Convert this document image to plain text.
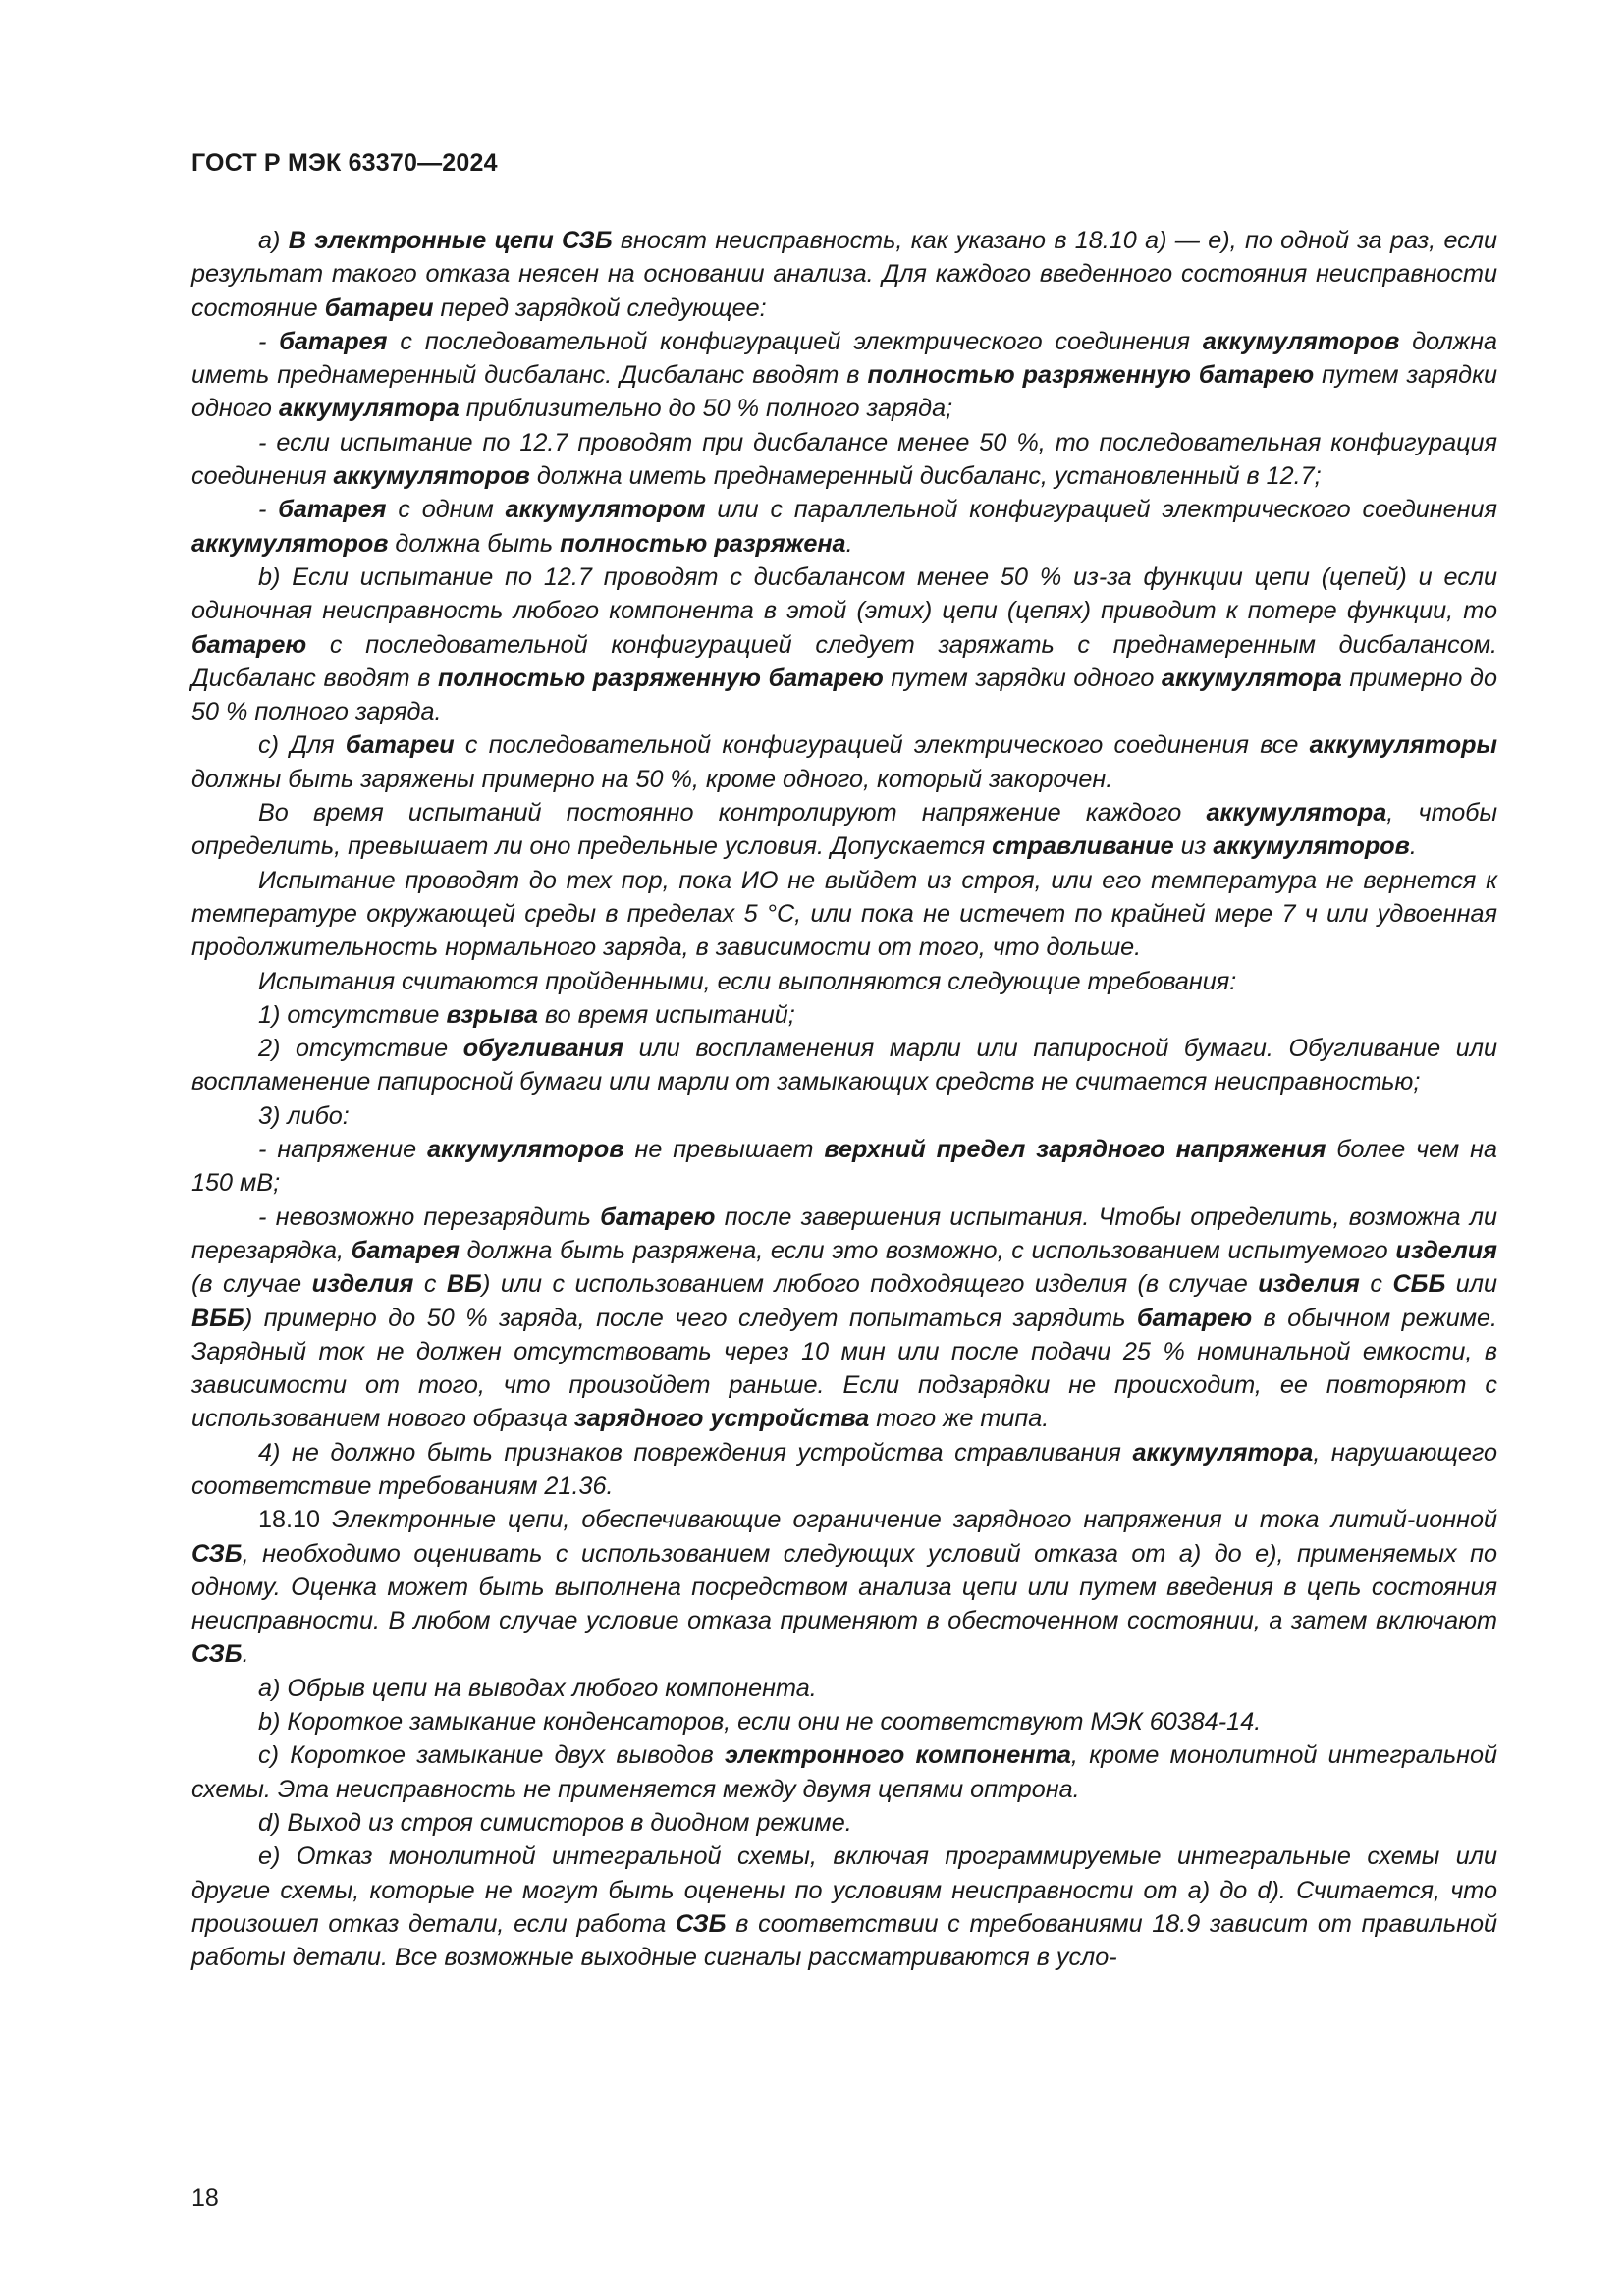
ГОСТ Р МЭК 63370—2024

a) В электронные цепи СЗБ вносят неисправность, как указано в 18.10 а) — е), по одной за раз, если результат такого отказа неясен на основании анализа. Для каждого введенного состояния неисправности состояние батареи перед зарядкой следующее:

- батарея с последовательной конфигурацией электрического соединения аккумуляторов должна иметь преднамеренный дисбаланс. Дисбаланс вводят в полностью разряженную батарею путем зарядки одного аккумулятора приблизительно до 50 % полного заряда;

- если испытание по 12.7 проводят при дисбалансе менее 50 %, то последовательная конфигурация соединения аккумуляторов должна иметь преднамеренный дисбаланс, установленный в 12.7;

- батарея с одним аккумулятором или с параллельной конфигурацией электрического соединения аккумуляторов должна быть полностью разряжена.

b) Если испытание по 12.7 проводят с дисбалансом менее 50 % из-за функции цепи (цепей) и если одиночная неисправность любого компонента в этой (этих) цепи (цепях) приводит к потере функции, то батарею с последовательной конфигурацией следует заряжать с преднамеренным дисбалансом. Дисбаланс вводят в полностью разряженную батарею путем зарядки одного аккумулятора примерно до 50 % полного заряда.

c) Для батареи с последовательной конфигурацией электрического соединения все аккумуляторы должны быть заряжены примерно на 50 %, кроме одного, который закорочен.

Во время испытаний постоянно контролируют напряжение каждого аккумулятора, чтобы определить, превышает ли оно предельные условия. Допускается стравливание из аккумуляторов.

Испытание проводят до тех пор, пока ИО не выйдет из строя, или его температура не вернется к температуре окружающей среды в пределах 5 °С, или пока не истечет по крайней мере 7 ч или удвоенная продолжительность нормального заряда, в зависимости от того, что дольше.

Испытания считаются пройденными, если выполняются следующие требования:

1) отсутствие взрыва во время испытаний;

2) отсутствие обугливания или воспламенения марли или папиросной бумаги. Обугливание или воспламенение папиросной бумаги или марли от замыкающих средств не считается неисправностью;

3) либо:

- напряжение аккумуляторов не превышает верхний предел зарядного напряжения более чем на 150 мВ;

- невозможно перезарядить батарею после завершения испытания. Чтобы определить, возможна ли перезарядка, батарея должна быть разряжена, если это возможно, с использованием испытуемого изделия (в случае изделия с ВБ) или с использованием любого подходящего изделия (в случае изделия с СББ или ВББ) примерно до 50 % заряда, после чего следует попытаться зарядить батарею в обычном режиме. Зарядный ток не должен отсутствовать через 10 мин или после подачи 25 % номинальной емкости, в зависимости от того, что произойдет раньше. Если подзарядки не происходит, ее повторяют с использованием нового образца зарядного устройства того же типа.

4) не должно быть признаков повреждения устройства стравливания аккумулятора, нарушающего соответствие требованиям 21.36.

18.10 Электронные цепи, обеспечивающие ограничение зарядного напряжения и тока литий-ионной СЗБ, необходимо оценивать с использованием следующих условий отказа от а) до е), применяемых по одному. Оценка может быть выполнена посредством анализа цепи или путем введения в цепь состояния неисправности. В любом случае условие отказа применяют в обесточенном состоянии, а затем включают СЗБ.

a) Обрыв цепи на выводах любого компонента.

b) Короткое замыкание конденсаторов, если они не соответствуют МЭК 60384-14.

c) Короткое замыкание двух выводов электронного компонента, кроме монолитной интегральной схемы. Эта неисправность не применяется между двумя цепями оптрона.

d) Выход из строя симисторов в диодном режиме.

e) Отказ монолитной интегральной схемы, включая программируемые интегральные схемы или другие схемы, которые не могут быть оценены по условиям неисправности от а) до d). Считается, что произошел отказ детали, если работа СЗБ в соответствии с требованиями 18.9 зависит от правильной работы детали. Все возможные выходные сигналы рассматриваются в усло-

18
